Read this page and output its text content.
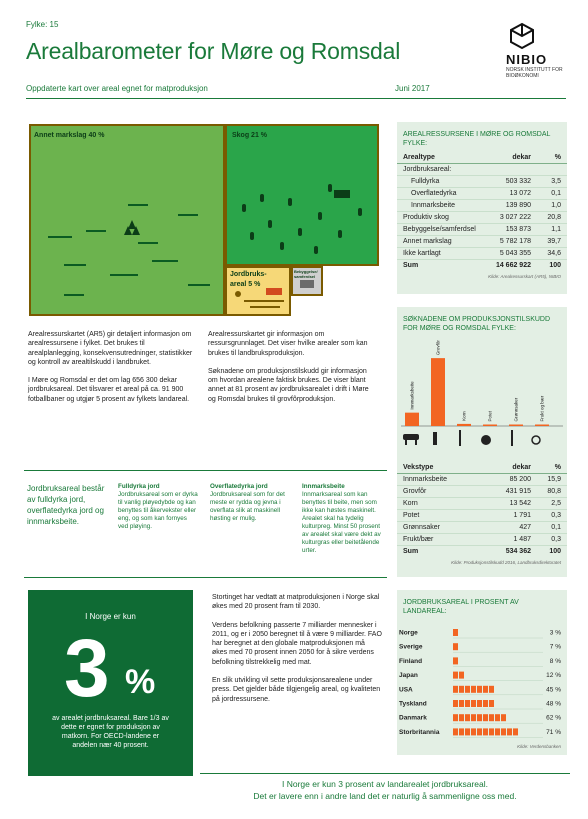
Fylke: 15
Arealbarometer for Møre og Romsdal	NIBIO
NORSK INSTITUTT FOR BIOØKONOMI
Oppdaterte kart over areal egnet for matproduksjon	Juni 2017
Annet markslag 40 %	Skog 21 %
Jordbruks-
areal 5 %
Bebyggelse/
samferdsel

Arealressurskartet (AR5) gir detaljert informasjon om arealressursene i fylket. Det brukes til arealplanlegging, konsekvensutredninger, statistikker og kontroll av arealtilskudd i landbruket.

I Møre og Romsdal er det om lag 656 300 dekar jordbruksareal. Det tilsvarer et areal på ca. 91 900 fotballbaner og utgjør 5 prosent av fylkets landareal.

Arealressurskartet gir informasjon om ressursgrunnlaget. Det viser hvilke arealer som kan brukes til landbruksproduksjon.

Søknadene om produksjonstilskudd gir informasjon om hvordan arealene faktisk brukes. De viser blant annet at 81 prosent av jordbruksarealet i drift i Møre og Romsdal brukes til grovfôrproduksjon.

AREALRESSURSENE I MØRE OG ROMSDAL FYLKE:
Arealtype	dekar	%
Jordbruksareal:		
Fulldyrka	503 332	3,5
Overflatedyrka	13 072	0,1
Innmarksbeite	139 890	1,0
Produktiv skog	3 027 222	20,8
Bebyggelse/samferdsel	153 873	1,1
Annet markslag	5 782 178	39,7
Ikke kartlagt	5 043 355	34,6
Sum	14 662 922	100
Kilde: Arealressurskart (AR5), NIBIO
SØKNADENE OM PRODUKSJONSTILSKUDD FOR MØRE OG ROMSDAL FYLKE:
Innmarksbeite
Grovfôr
Korn	Potet	Grønnsaker	Frukt og bær
Vekstype	dekar	%
Innmarksbeite	85 200	15,9
Grovfôr	431 915	80,8
Korn	13 542	2,5
Potet	1 791	0,3
Grønnsaker	427	0,1
Frukt/bær	1 487	0,3
Sum	534 362	100
Kilde: Produksjonstilskudd 2016, Landbruksdirektoratet
Jordbruksareal består av fulldyrka jord, overflatedyrka jord og innmarksbeite.
Fulldyrka jord
Jordbruksareal som er dyrka til vanlig pløyedybde og kan benyttes til åkervekster eller eng, og som kan fornyes ved pløying.
Overflatedyrka jord
Jordbruksareal som for det meste er rydda og jevna i overflata slik at maskinell høsting er mulig.
Innmarksbeite
Innmarksareal som kan benyttes til beite, men som ikke kan høstes maskinelt. Arealet skal ha tydelig kulturpreg. Minst 50 prosent av arealet skal være dekt av kulturgras eller beitetålende urter.
I Norge er kun
3 %
av arealet jordbruksareal. Bare 1/3 av dette er egnet for produksjon av matkorn. For OECD-landene er andelen nær 40 prosent.

Stortinget har vedtatt at matproduksjonen i Norge skal økes med 20 prosent fram til 2030.

Verdens befolkning passerte 7 milliarder mennesker i 2011, og er i 2050 beregnet til å være 9 milliarder. FAO har beregnet at den globale matproduksjonen må økes med 70 prosent innen 2050 for å sikre verdens befolkning tilstrekkelig med mat.

En slik utvikling vil sette produksjonsarealene under press. Det gjelder både tilgjengelig areal, og kvaliteten på jordressursene.

JORDBRUKSAREAL I PROSENT AV LANDAREAL:
Kilde: Verdensbanken
Norge	3 %
Sverige	7 %
Finland	8 %
Japan	12 %
USA	45 %
Tyskland	48 %
Danmark	62 %
Storbritannia	71 %
I Norge er kun 3 prosent av landarealet jordbruksareal.
Det er lavere enn i andre land det er naturlig å sammenligne oss med.
